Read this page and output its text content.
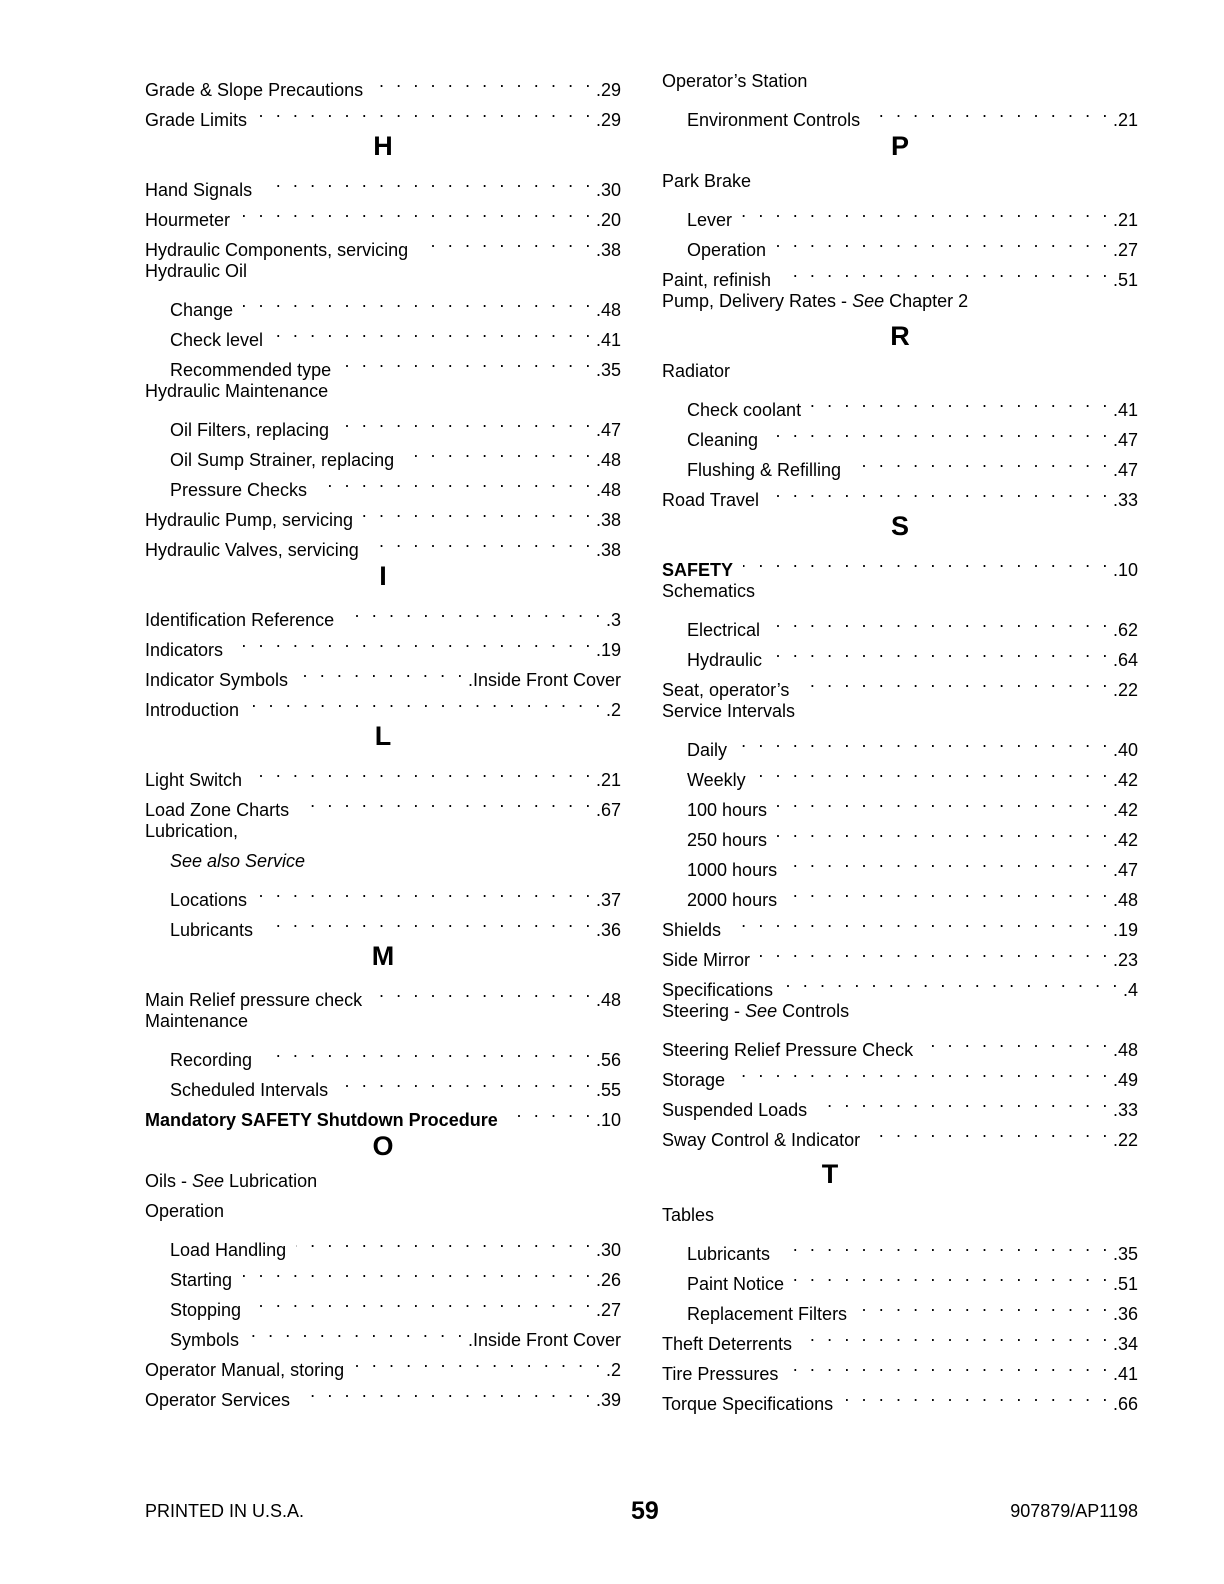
Grade & Slope Precautions . . .	.29
Grade Limits . . .	.29
H
Hand Signals . . .	.30
Hourmeter . . .	.20
Hydraulic Components, servicing . . .	.38
Hydraulic Oil
Change . . .	.48
Check level . . .	.41
Recommended type . . .	.35
Hydraulic Maintenance
Oil Filters, replacing . . .	.47
Oil Sump Strainer, replacing . . .	.48
Pressure Checks . . .	.48
Hydraulic Pump, servicing . . .	.38
Hydraulic Valves, servicing . . .	.38
I
Identification Reference . . .	.3
Indicators . . .	.19
Indicator Symbols . . .	.Inside Front Cover
Introduction . . .	.2
L
Light Switch . . .	.21
Load Zone Charts . . .	.67
Lubrication,
See also Service
Locations . . .	.37
Lubricants . . .	.36
M
Main Relief pressure check . . .	.48
Maintenance
Recording . . .	.56
Scheduled Intervals . . .	.55
Mandatory SAFETY Shutdown Procedure . . .	.10
O
Oils - See Lubrication
Operation
Load Handling . . .	.30
Starting . . .	.26
Stopping . . .	.27
Symbols . . .	.Inside Front Cover
Operator Manual, storing . . .	.2
Operator Services . . .	.39
Operator’s Station
Environment Controls . . .	.21
P
Park Brake
Lever . . .	.21
Operation . . .	.27
Paint, refinish . . .	.51
Pump, Delivery Rates - See Chapter 2
R
Radiator
Check coolant . . .	.41
Cleaning . . .	.47
Flushing & Refilling . . .	.47
Road Travel . . .	.33
S
SAFETY . . .	.10
Schematics
Electrical . . .	.62
Hydraulic . . .	.64
Seat, operator’s . . .	.22
Service Intervals
Daily . . .	.40
Weekly . . .	.42
100 hours . . .	.42
250 hours . . .	.42
1000 hours . . .	.47
2000 hours . . .	.48
Shields . . .	.19
Side Mirror . . .	.23
Specifications . . .	.4
Steering - See Controls
Steering Relief Pressure Check . . .	.48
Storage . . .	.49
Suspended Loads . . .	.33
Sway Control & Indicator . . .	.22
T
Tables
Lubricants . . .	.35
Paint Notice . . .	.51
Replacement Filters . . .	.36
Theft Deterrents . . .	.34
Tire Pressures . . .	.41
Torque Specifications . . .	.66
PRINTED IN U.S.A.	59	907879/AP1198
